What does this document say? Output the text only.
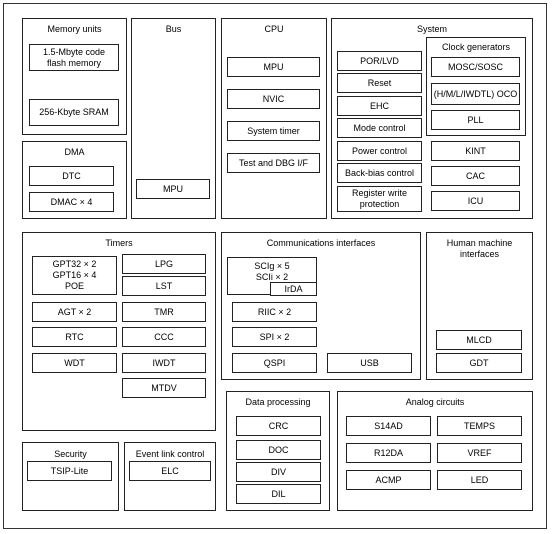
Memory units
1.5-Mbyte code
flash memory
256-Kbyte SRAM
DMA
DTC
DMAC × 4
Bus
MPU
CPU
MPU
NVIC
System timer
Test and DBG I/F
System
POR/LVD
Reset
EHC
Mode control
Power control
Back-bias control
Register write
protection
Clock generators
MOSC/SOSC
(H/M/L/IWDTL) OCO
PLL
KINT
CAC
ICU
Timers
GPT32 × 2
GPT16 × 4
POE
LPG
LST
AGT × 2	TMR
RTC	CCC
WDT	IWDT
MTDV
Communications interfaces
SCIg × 5
SCIi × 2
IrDA
RIIC × 2
SPI × 2
QSPI	USB
Human machine
interfaces
MLCD
GDT
Data processing
CRC
DOC
DIV
DIL
Analog circuits
S14AD	TEMPS
R12DA	VREF
ACMP	LED
Security
TSIP-Lite
Event link control
ELC
